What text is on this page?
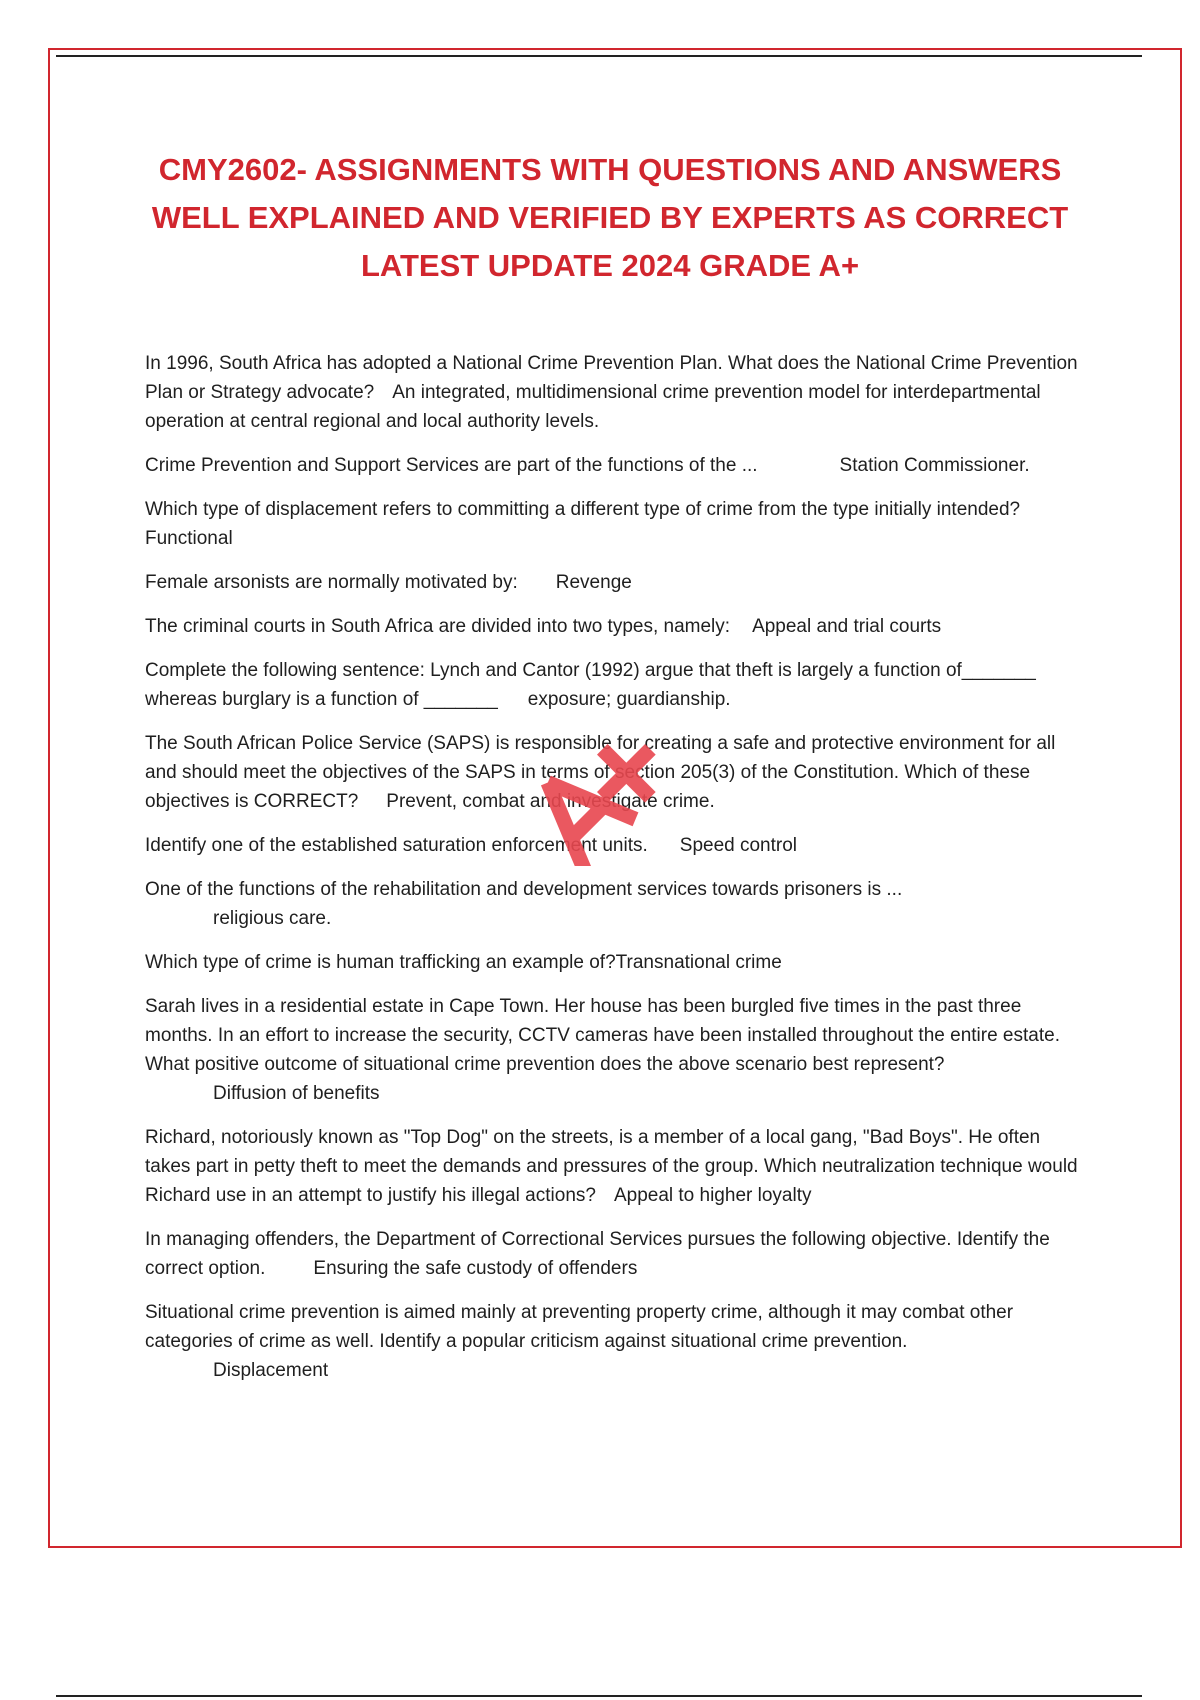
CMY2602- ASSIGNMENTS WITH QUESTIONS AND ANSWERS
WELL EXPLAINED AND VERIFIED BY EXPERTS AS CORRECT
LATEST UPDATE 2024 GRADE A+

In 1996, South Africa has adopted a National Crime Prevention Plan. What does the National Crime Prevention Plan or Strategy advocate? An integrated, multidimensional crime prevention model for interdepartmental operation at central regional and local authority levels.

Crime Prevention and Support Services are part of the functions of the ...	Station Commissioner.

Which type of displacement refers to committing a different type of crime from the type initially intended?Functional

Female arsonists are normally motivated by: Revenge

The criminal courts in South Africa are divided into two types, namely: Appeal and trial courts

Complete the following sentence: Lynch and Cantor (1992) argue that theft is largely a function of_______ whereas burglary is a function of _______ exposure; guardianship.

The South African Police Service (SAPS) is responsible for creating a safe and protective environment for all and should meet the objectives of the SAPS in terms of section 205(3) of the Constitution. Which of these objectives is CORRECT? Prevent, combat and investigate crime.

Identify one of the established saturation enforcement units. Speed control

One of the functions of the rehabilitation and development services towards prisoners is ...
religious care.

Which type of crime is human trafficking an example of?Transnational crime

Sarah lives in a residential estate in Cape Town. Her house has been burgled five times in the past three months. In an effort to increase the security, CCTV cameras have been installed throughout the entire estate. What positive outcome of situational crime prevention does the above scenario best represent?
Diffusion of benefits

Richard, notoriously known as "Top Dog" on the streets, is a member of a local gang, "Bad Boys". He often takes part in petty theft to meet the demands and pressures of the group. Which neutralization technique would Richard use in an attempt to justify his illegal actions? Appeal to higher loyalty

In managing offenders, the Department of Correctional Services pursues the following objective. Identify the correct option.	Ensuring the safe custody of offenders

Situational crime prevention is aimed mainly at preventing property crime, although it may combat other categories of crime as well. Identify a popular criticism against situational crime prevention.
Displacement
